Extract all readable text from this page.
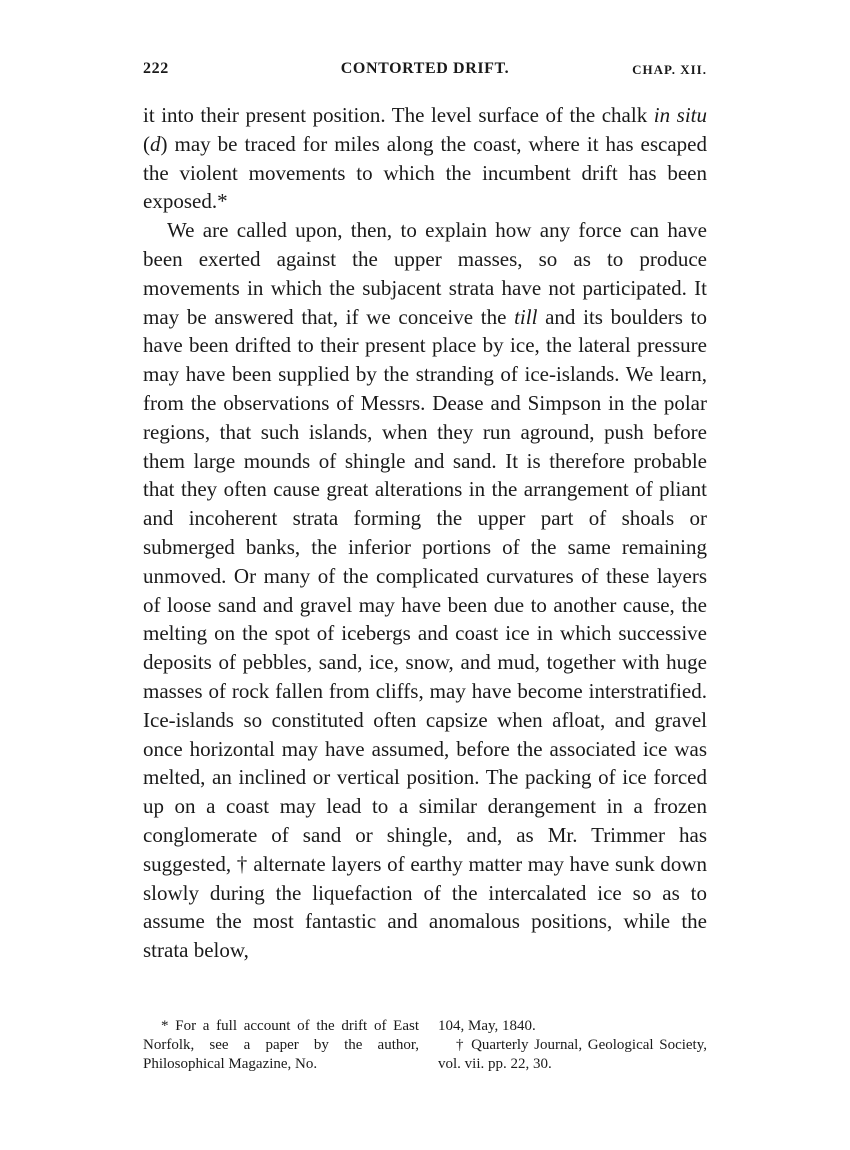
222	CONTORTED DRIFT.	CHAP. XII.

it into their present position. The level surface of the chalk in situ (d) may be traced for miles along the coast, where it has escaped the violent movements to which the incumbent drift has been exposed.*

We are called upon, then, to explain how any force can have been exerted against the upper masses, so as to produce movements in which the subjacent strata have not participated. It may be answered that, if we conceive the till and its boulders to have been drifted to their present place by ice, the lateral pressure may have been supplied by the stranding of ice-islands. We learn, from the observations of Messrs. Dease and Simpson in the polar regions, that such islands, when they run aground, push before them large mounds of shingle and sand. It is therefore probable that they often cause great alterations in the arrangement of pliant and incoherent strata forming the upper part of shoals or submerged banks, the inferior portions of the same remaining unmoved. Or many of the complicated curvatures of these layers of loose sand and gravel may have been due to another cause, the melting on the spot of icebergs and coast ice in which successive deposits of pebbles, sand, ice, snow, and mud, together with huge masses of rock fallen from cliffs, may have become interstratified. Ice-islands so constituted often capsize when afloat, and gravel once horizontal may have assumed, before the associated ice was melted, an inclined or vertical position. The packing of ice forced up on a coast may lead to a similar derangement in a frozen conglomerate of sand or shingle, and, as Mr. Trimmer has suggested, † alternate layers of earthy matter may have sunk down slowly during the liquefaction of the intercalated ice so as to assume the most fantastic and anomalous positions, while the strata below,

* For a full account of the drift of East Norfolk, see a paper by the author, Philosophical Magazine, No.

104, May, 1840.

† Quarterly Journal, Geological Society, vol. vii. pp. 22, 30.
